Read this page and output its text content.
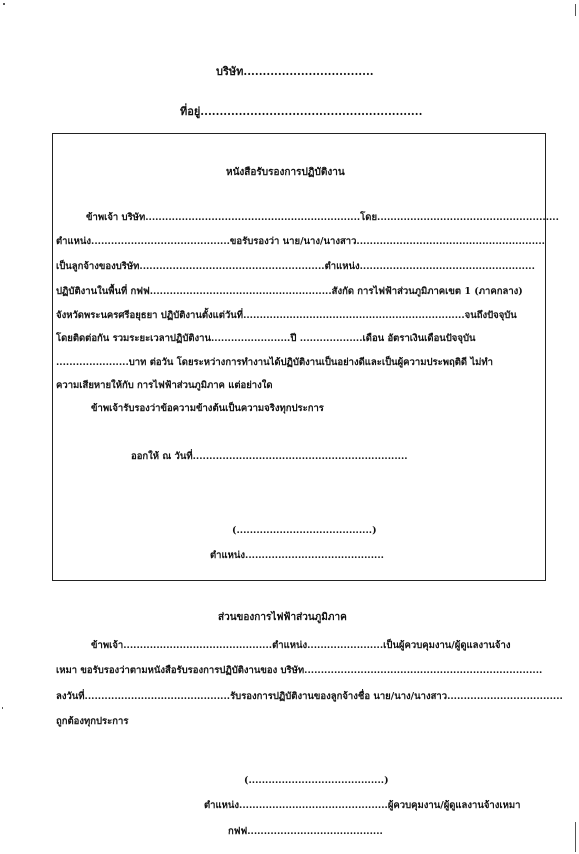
บริษัท..................................
ที่อยู่..........................................................
หนังสือรับรองการปฏิบัติงาน
ข้าพเจ้า บริษัท.................................................................โดย.......................................................
ตำแหน่ง..........................................ขอรับรองว่า นาย/นาง/นางสาว.........................................................
เป็นลูกจ้างของบริษัท........................................................ตำแหน่ง.....................................................
ปฏิบัติงานในพื้นที่ กฟฟ.......................................................สังกัด การไฟฟ้าส่วนภูมิภาคเขต 1 (ภาคกลาง)
จังหวัดพระนครศรีอยุธยา ปฏิบัติงานตั้งแต่วันที่...................................................................จนถึงปัจจุบัน
โดยติดต่อกัน รวมระยะเวลาปฏิบัติงาน........................ปี ...................เดือน อัตราเงินเดือนปัจจุบัน
......................บาท ต่อวัน โดยระหว่างการทำงานได้ปฏิบัติงานเป็นอย่างดีและเป็นผู้ความประพฤติดี ไม่ทำ
ความเสียหายให้กับ การไฟฟ้าส่วนภูมิภาค แต่อย่างใด
ข้าพเจ้ารับรองว่าข้อความข้างต้นเป็นความจริงทุกประการ
ออกให้ ณ วันที่.................................................................
(.........................................)
ตำแหน่ง..........................................
ส่วนของการไฟฟ้าส่วนภูมิภาค
ข้าพเจ้า.............................................ตำแหน่ง.......................เป็นผู้ควบคุมงาน/ผู้ดูแลงานจ้าง
เหมา ขอรับรองว่าตามหนังสือรับรองการปฏิบัติงานของ บริษัท........................................................................
ลงวันที่............................................รับรองการปฏิบัติงานของลูกจ้างชื่อ นาย/นาง/นางสาว...................................
ถูกต้องทุกประการ
(.........................................)
ตำแหน่ง.............................................ผู้ควบคุมงาน/ผู้ดูแลงานจ้างเหมา
กฟฟ.........................................
